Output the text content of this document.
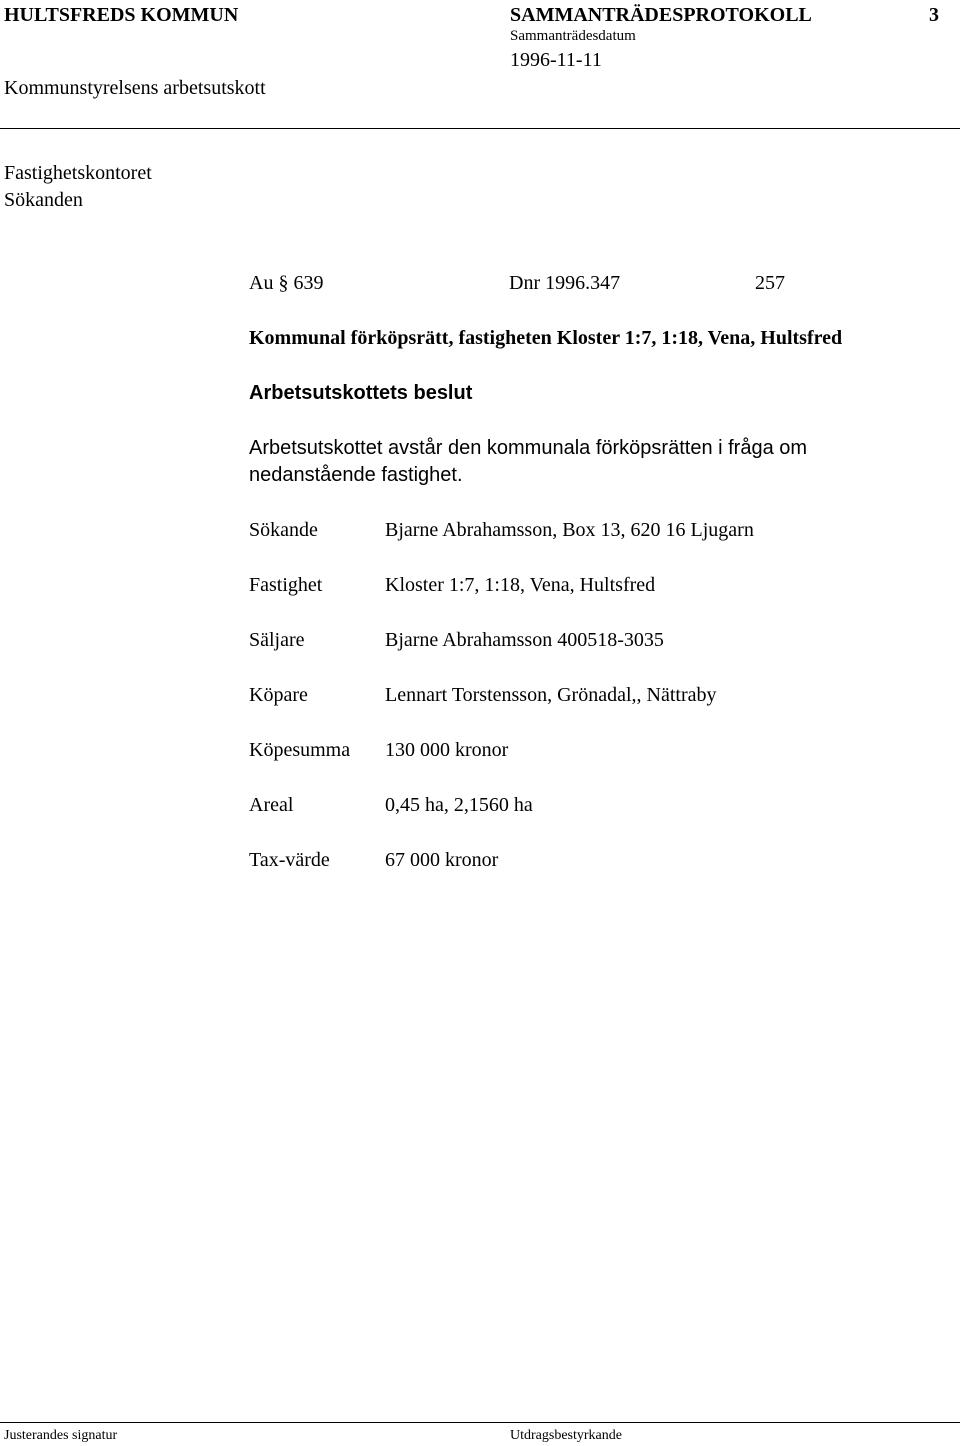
HULTSFREDS KOMMUN	SAMMANTRÄDESPROTOKOLL	3
Sammanträdesdatum
1996-11-11
Kommunstyrelsens arbetsutskott
Fastighetskontoret
Sökanden
Au § 639	Dnr 1996.347	257
Kommunal förköpsrätt, fastigheten Kloster 1:7, 1:18, Vena, Hultsfred
Arbetsutskottets beslut
Arbetsutskottet avstår den kommunala förköpsrätten i fråga om
nedanstående fastighet.
Sökande	Bjarne Abrahamsson, Box 13, 620 16 Ljugarn
Fastighet	Kloster 1:7, 1:18, Vena, Hultsfred
Säljare	Bjarne Abrahamsson 400518-3035
Köpare	Lennart Torstensson, Grönadal,, Nättraby
Köpesumma 130 000 kronor
Areal	0,45 ha, 2,1560 ha
Tax-värde	67 000 kronor
Justerandes signatur	Utdragsbestyrkande
